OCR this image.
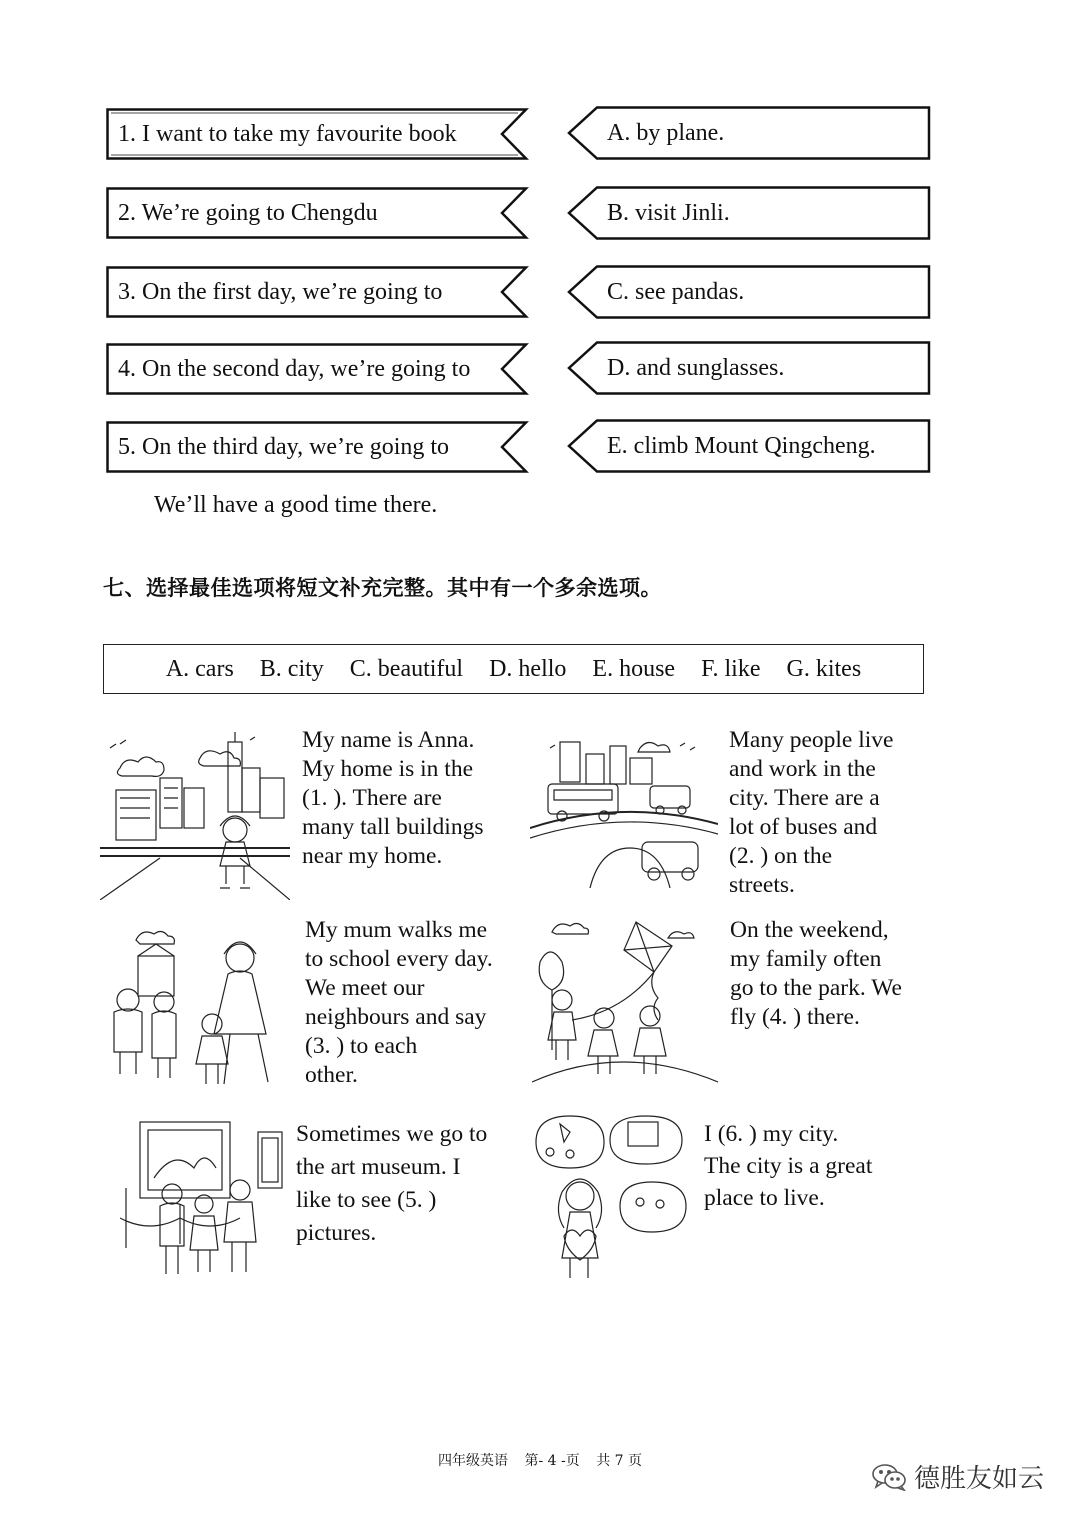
1. I want to take my favourite book
2. We’re going to Chengdu
3. On the first day, we’re going to
4. On the second day, we’re going to
5. On the third day, we’re going to
A. by plane.
B. visit Jinli.
C. see pandas.
D. and sunglasses.
E. climb Mount Qingcheng.
We’ll have a good time there.
七、选择最佳选项将短文补充完整。其中有一个多余选项。
A. cars B. city C. beautiful D. hello E. house F. like G. kites
My name is Anna.
My home is in the
(1. ). There are
many tall buildings
near my home.
Many people live
and work in the
city. There are a
lot of buses and
(2. ) on the
streets.
My mum walks me
to school every day.
We meet our
neighbours and say
(3. ) to each
other.
On the weekend,
my family often
go to the park. We
fly (4. ) there.
Sometimes we go to
the art museum. I
like to see (5. )
pictures.
I (6. ) my city.
The city is a great
place to live.
四年级英语 第- 4 -页 共 7 页
德胜友如云
